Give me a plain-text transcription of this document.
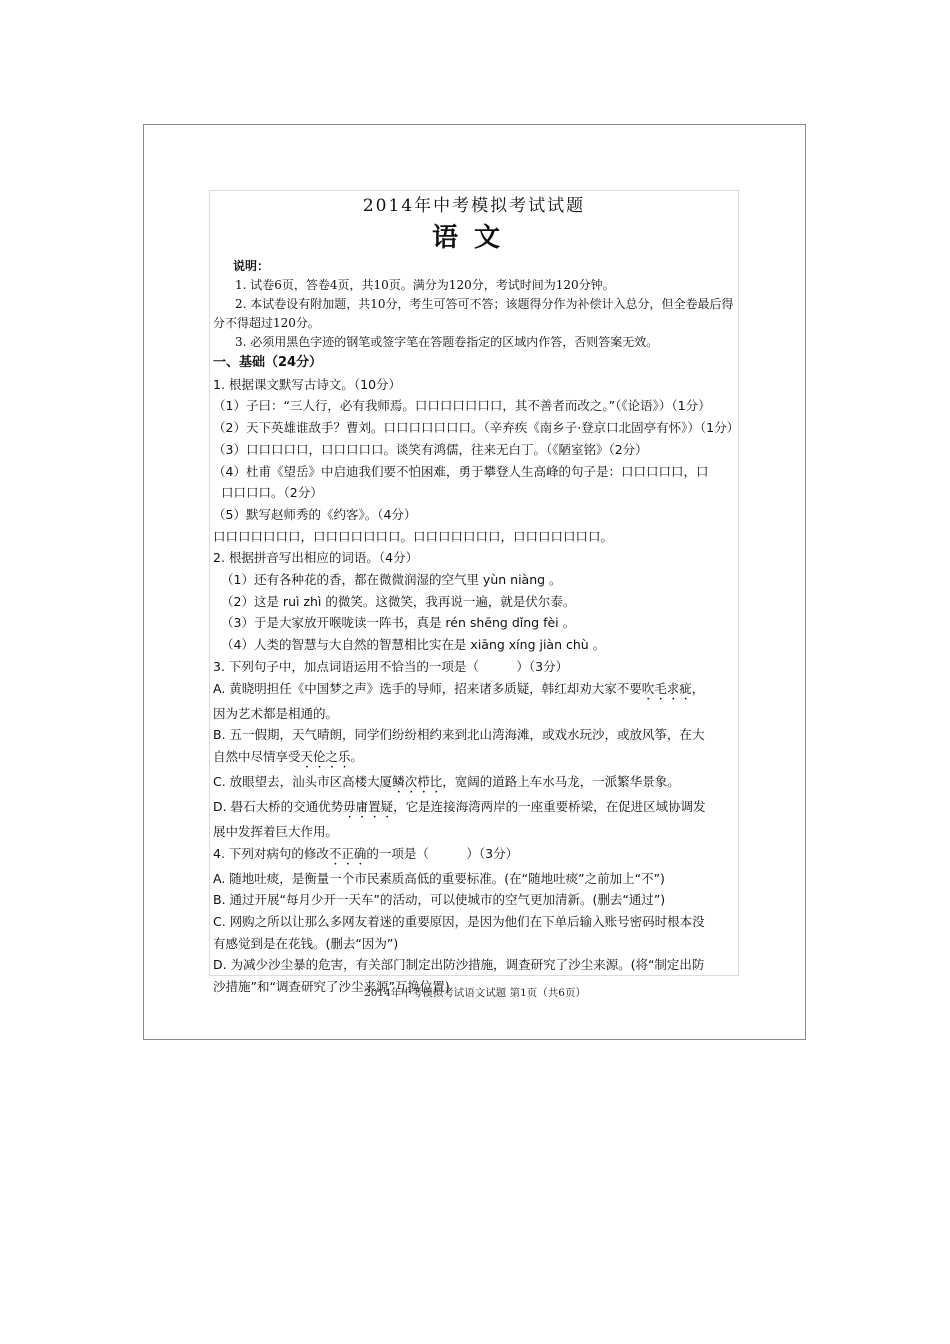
2014年中考模拟考试试题
语文
说明：

1. 试卷6页，答卷4页，共10页。满分为120分，考试时间为120分钟。

2. 本试卷设有附加题，共10分，考生可答可不答；该题得分作为补偿计入总分，但全卷最后得分不得超过120分。

3. 必须用黑色字迹的钢笔或签字笔在答题卷指定的区域内作答，否则答案无效。

一、基础（24分）

1. 根据课文默写古诗文。（10分）

（1）子曰：“三人行，必有我师焉。口口口口口口口，其不善者而改之。”（《论语》）（1分）

（2）天下英雄谁敌手？曹刘。口口口口口口口。（辛弃疾《南乡子·登京口北固亭有怀》）（1分）

（3）口口口口口，口口口口口。谈笑有鸿儒，往来无白丁。（《陋室铭》（2分）

（4）杜甫《望岳》中启迪我们要不怕困难，勇于攀登人生高峰的句子是：口口口口口，口

口口口口。（2分）

（5）默写赵师秀的《约客》。（4分）

口口口口口口口，口口口口口口口。口口口口口口口，口口口口口口口。

2. 根据拼音写出相应的词语。（4分）

（1）还有各种花的香，都在微微润湿的空气里 yùn niàng 。

（2）这是 ruì zhì 的微笑。这微笑，我再说一遍，就是伏尔泰。

（3）于是大家放开喉咙读一阵书，真是 rén shēng dǐng fèi 。

（4）人类的智慧与大自然的智慧相比实在是 xiāng xíng jiàn chù 。

3. 下列句子中，加点词语运用不恰当的一项是（　　　）（3分）

A. 黄晓明担任《中国梦之声》选手的导师，招来诸多质疑，韩红却劝大家不要吹毛求疵，

因为艺术都是相通的。

B. 五一假期，天气晴朗，同学们纷纷相约来到北山湾海滩，或戏水玩沙，或放风筝，在大

自然中尽情享受天伦之乐。

C. 放眼望去，汕头市区高楼大厦鳞次栉比，宽阔的道路上车水马龙，一派繁华景象。

D. 礐石大桥的交通优势毋庸置疑，它是连接海湾两岸的一座重要桥梁，在促进区域协调发

展中发挥着巨大作用。

4. 下列对病句的修改不正确的一项是（　　　）（3分）

A. 随地吐痰，是衡量一个市民素质高低的重要标准。(在“随地吐痰”之前加上“不”)

B. 通过开展“每月少开一天车”的活动，可以使城市的空气更加清新。(删去“通过”)

C. 网购之所以让那么多网友着迷的重要原因，是因为他们在下单后输入账号密码时根本没

有感觉到是在花钱。(删去“因为”)

D. 为减少沙尘暴的危害，有关部门制定出防沙措施，调查研究了沙尘来源。(将“制定出防

沙措施”和“调查研究了沙尘来源”互换位置)

2014年中考模拟考试语文试题 第1页（共6页）
